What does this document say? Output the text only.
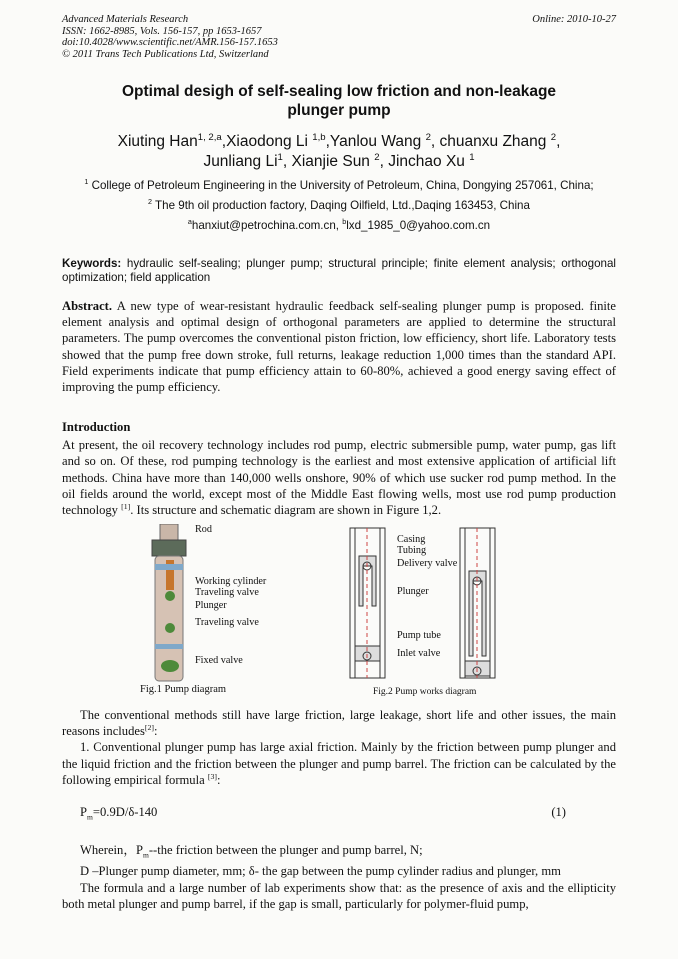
Advanced Materials Research
ISSN: 1662-8985, Vols. 156-157, pp 1653-1657
doi:10.4028/www.scientific.net/AMR.156-157.1653
© 2011 Trans Tech Publications Ltd, Switzerland
Online: 2010-10-27
Optimal desigh of self-sealing low friction and non-leakage
plunger pump
Xiuting Han$^{1, 2,a}$,Xiaodong Li $^{1,b}$,Yanlou Wang $^2$, chuanxu Zhang $^2$,
Junliang Li$^1$, Xianjie Sun $^2$, Jinchao Xu $^1$
$^1$ College of Petroleum Engineering in the University of Petroleum, China, Dongying 257061, China;
$^2$ The 9th oil production factory, Daqing Oilfield, Ltd.,Daqing 163453, China
$^a$hanxiut@petrochina.com.cn, $^b$lxd_1985_0@yahoo.com.cn
Keywords: hydraulic self-sealing; plunger pump; structural principle; finite element analysis; orthogonal optimization; field application

Abstract. A new type of wear-resistant hydraulic feedback self-sealing plunger pump is proposed. finite element analysis and optimal design of orthogonal parameters are applied to determine the structural parameters. The pump overcomes the conventional piston friction, low efficiency, short life. Laboratory tests showed that the pump free down stroke, full returns, leakage reduction 1,000 times than the standard API. Field experiments indicate that pump efficiency attain to 60-80%, achieved a good energy saving effect of improving the pump efficiency.

Introduction

At present, the oil recovery technology includes rod pump, electric submersible pump, water pump, gas lift and so on. Of these, rod pumping technology is the earliest and most extensive application of artificial lift methods. China have more than 140,000 wells onshore, 90% of which use sucker rod pump method. In the oil fields around the world, except most of the Middle East flowing wells, most use rod pump production technology [1]. Its structure and schematic diagram are shown in Figure 1,2.

Rod
Working cylinder
Traveling valve
Plunger
Traveling valve
Fixed valve
Fig.1 Pump diagram
Casing
Tubing
Delivery valve
Plunger
Pump tube
Inlet valve
Fig.2 Pump works diagram

The conventional methods still have large friction, large leakage, short life and other issues, the main reasons includes[2]:

1. Conventional plunger pump has large axial friction. Mainly by the friction between pump plunger and the liquid friction and the friction between the plunger and pump barrel. The friction can be calculated by the following empirical formula [3]:

$P_m=0.9D/\delta-140$	(1)

Wherein，$P_m-$-the friction between the plunger and pump barrel, N;

D –Plunger pump diameter, mm; δ- the gap between the pump cylinder radius and plunger, mm

The formula and a large number of lab experiments show that: as the presence of axis and the ellipticity both metal plunger and pump barrel, if the gap is small, particularly for polymer-fluid pump,
